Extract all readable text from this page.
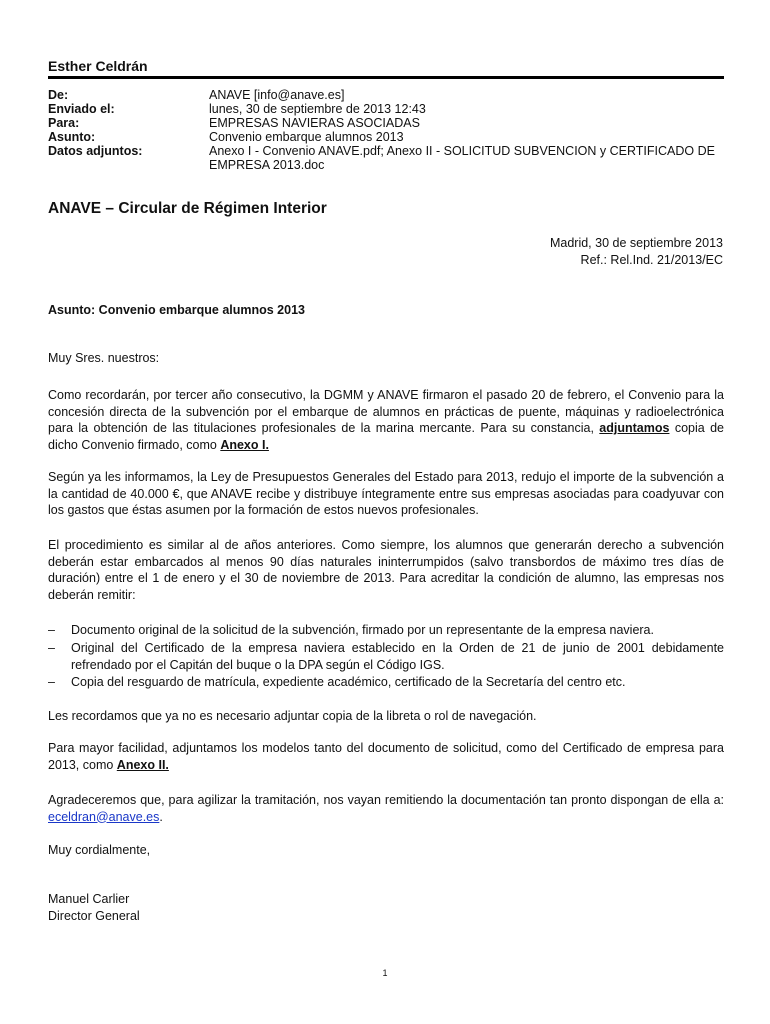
Esther Celdrán
De:	ANAVE [info@anave.es]
Enviado el:	lunes, 30 de septiembre de 2013 12:43
Para:	EMPRESAS NAVIERAS ASOCIADAS
Asunto:	Convenio embarque alumnos 2013
Datos adjuntos:	Anexo I - Convenio ANAVE.pdf; Anexo II - SOLICITUD SUBVENCION y CERTIFICADO DE EMPRESA 2013.doc
ANAVE – Circular de Régimen Interior
Madrid, 30 de septiembre 2013
Ref.: Rel.Ind. 21/2013/EC
Asunto: Convenio embarque alumnos 2013

Muy Sres. nuestros:

Como recordarán, por tercer año consecutivo, la DGMM y ANAVE firmaron el pasado 20 de febrero, el Convenio para la concesión directa de la subvención por el embarque de alumnos en prácticas de puente, máquinas y radioelectrónica para la obtención de las titulaciones profesionales de la marina mercante. Para su constancia, adjuntamos copia de dicho Convenio firmado, como Anexo I.

Según ya les informamos, la Ley de Presupuestos Generales del Estado para 2013, redujo el importe de la subvención a la cantidad de 40.000 €, que ANAVE recibe y distribuye íntegramente entre sus empresas asociadas para coadyuvar con los gastos que éstas asumen por la formación de estos nuevos profesionales.

El procedimiento es similar al de años anteriores. Como siempre, los alumnos que generarán derecho a subvención deberán estar embarcados al menos 90 días naturales ininterrumpidos (salvo transbordos de máximo tres días de duración) entre el 1 de enero y el 30 de noviembre de 2013. Para acreditar la condición de alumno, las empresas nos deberán remitir:

–	Documento original de la solicitud de la subvención, firmado por un representante de la empresa naviera.
–	Original del Certificado de la empresa naviera establecido en la Orden de 21 de junio de 2001 debidamente refrendado por el Capitán del buque o la DPA según el Código IGS.
–	Copia del resguardo de matrícula, expediente académico, certificado de la Secretaría del centro etc.

Les recordamos que ya no es necesario adjuntar copia de la libreta o rol de navegación.

Para mayor facilidad, adjuntamos los modelos tanto del documento de solicitud, como del Certificado de empresa para 2013, como Anexo II.

Agradeceremos que, para agilizar la tramitación, nos vayan remitiendo la documentación tan pronto dispongan de ella a: eceldran@anave.es.

Muy cordialmente,

Manuel Carlier
Director General
1
